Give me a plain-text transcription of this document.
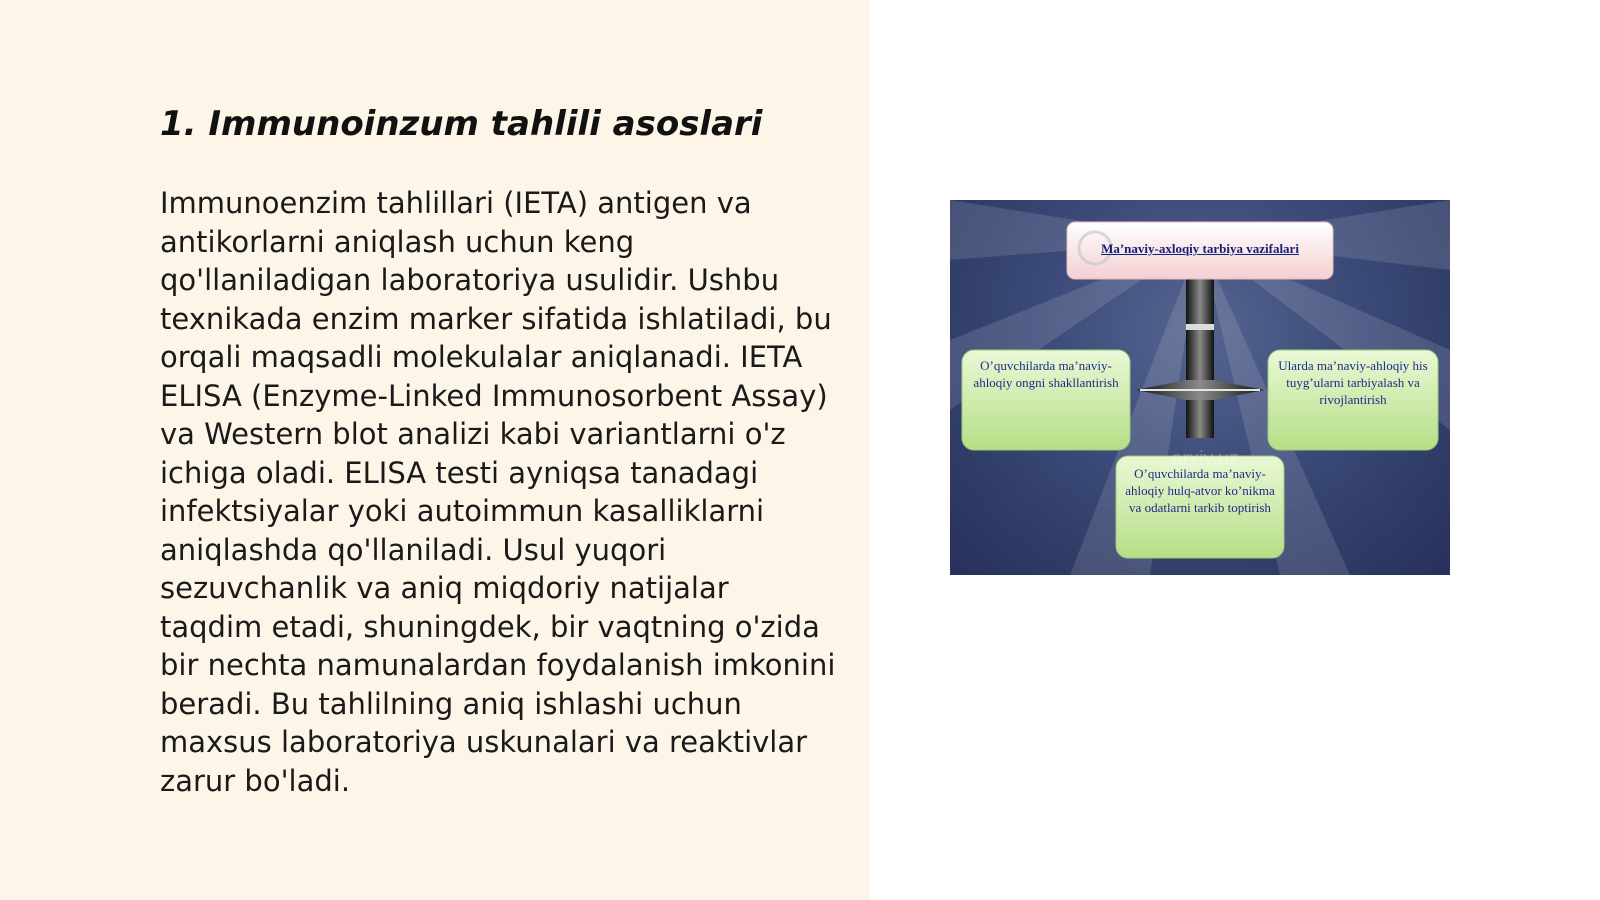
1. Immunoinzum tahlili asoslari

Immunoenzim tahlillari (IETA) antigen va antikorlarni aniqlash uchun keng qo'llaniladigan laboratoriya usulidir. Ushbu texnikada enzim marker sifatida ishlatiladi, bu orqali maqsadli molekulalar aniqlanadi. IETA ELISA (Enzyme-Linked Immunosorbent Assay) va Western blot analizi kabi variantlarni o'z ichiga oladi. ELISA testi ayniqsa tanadagi infektsiyalar yoki autoimmun kasalliklarni aniqlashda qo'llaniladi. Usul yuqori sezuvchanlik va aniq miqdoriy natijalar taqdim etadi, shuningdek, bir vaqtning o'zida bir nechta namunalardan foydalanish imkonini beradi. Bu tahlilning aniq ishlashi uchun maxsus laboratoriya uskunalari va reaktivlar zarur bo'ladi.

arxiv.uz
Ma’naviy-axloqiy tarbiya vazifalari
O’quvchilarda ma’naviy-ahloqiy ongni shakllantirish
Ularda ma’naviy-ahloqiy his tuyg’ularni tarbiyalash va rivojlantirish
O’quvchilarda ma’naviy-ahloqiy hulq-atvor ko’nikma va odatlarni tarkib toptirish
